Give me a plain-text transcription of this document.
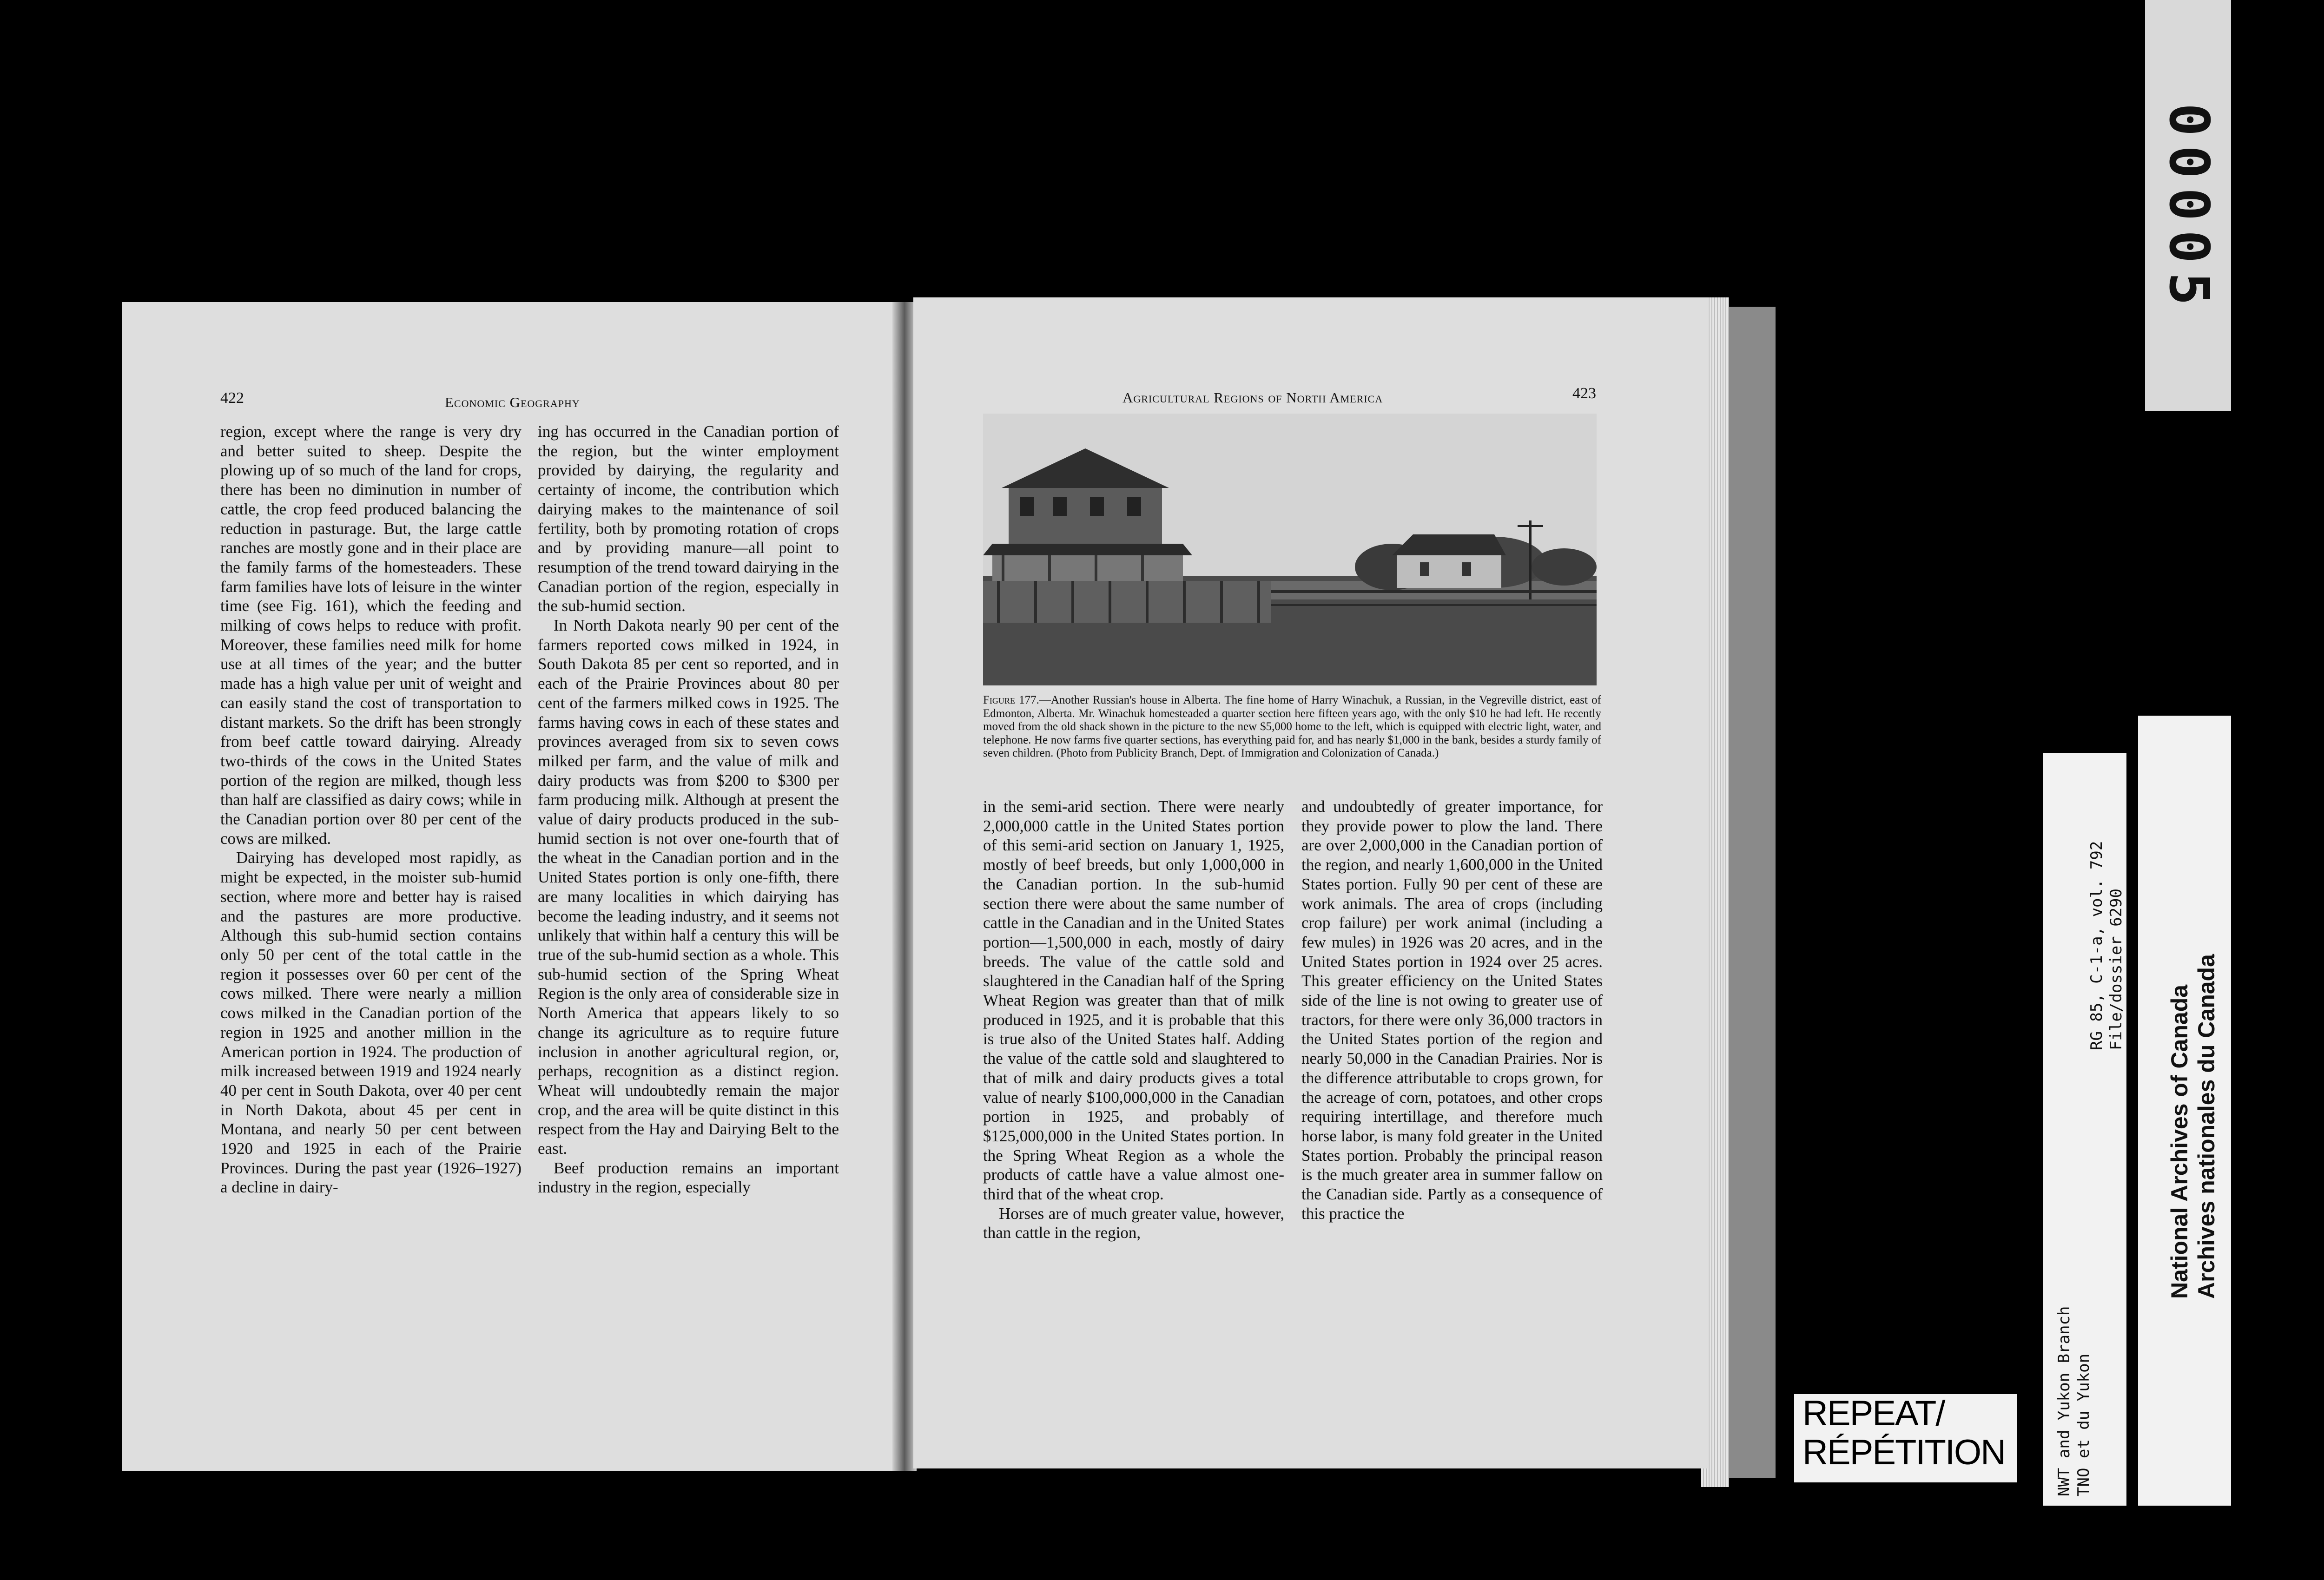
422	Economic Geography

region, except where the range is very dry and better suited to sheep. Despite the plowing up of so much of the land for crops, there has been no diminution in number of cattle, the crop feed produced balancing the reduction in pasturage. But, the large cattle ranches are mostly gone and in their place are the family farms of the homesteaders. These farm families have lots of leisure in the winter time (see Fig. 161), which the feeding and milking of cows helps to reduce with profit. Moreover, these families need milk for home use at all times of the year; and the butter made has a high value per unit of weight and can easily stand the cost of transportation to distant markets. So the drift has been strongly from beef cattle toward dairying. Already two-thirds of the cows in the United States portion of the region are milked, though less than half are classified as dairy cows; while in the Canadian portion over 80 per cent of the cows are milked.

Dairying has developed most rapidly, as might be expected, in the moister sub-humid section, where more and better hay is raised and the pastures are more productive. Although this sub-humid section contains only 50 per cent of the total cattle in the region it possesses over 60 per cent of the cows milked. There were nearly a million cows milked in the Canadian portion of the region in 1925 and another million in the American portion in 1924. The production of milk increased between 1919 and 1924 nearly 40 per cent in South Dakota, over 40 per cent in North Dakota, about 45 per cent in Montana, and nearly 50 per cent between 1920 and 1925 in each of the Prairie Provinces. During the past year (1926–1927) a decline in dairy-

ing has occurred in the Canadian portion of the region, but the winter employment provided by dairying, the regularity and certainty of income, the contribution which dairying makes to the maintenance of soil fertility, both by promoting rotation of crops and by providing manure—all point to resumption of the trend toward dairying in the Canadian portion of the region, especially in the sub-humid section.

In North Dakota nearly 90 per cent of the farmers reported cows milked in 1924, in South Dakota 85 per cent so reported, and in each of the Prairie Provinces about 80 per cent of the farmers milked cows in 1925. The farms having cows in each of these states and provinces averaged from six to seven cows milked per farm, and the value of milk and dairy products was from $200 to $300 per farm producing milk. Although at present the value of dairy products produced in the sub-humid section is not over one-fourth that of the wheat in the Canadian portion and in the United States portion is only one-fifth, there are many localities in which dairying has become the leading industry, and it seems not unlikely that within half a century this will be true of the sub-humid section as a whole. This sub-humid section of the Spring Wheat Region is the only area of considerable size in North America that appears likely to so change its agriculture as to require future inclusion in another agricultural region, or, perhaps, recognition as a distinct region. Wheat will undoubtedly remain the major crop, and the area will be quite distinct in this respect from the Hay and Dairying Belt to the east.

Beef production remains an important industry in the region, especially

Agricultural Regions of North America	423
Figure 177.—Another Russian's house in Alberta. The fine home of Harry Winachuk, a Russian, in the Vegreville district, east of Edmonton, Alberta. Mr. Winachuk homesteaded a quarter section here fifteen years ago, with the only $10 he had left. He recently moved from the old shack shown in the picture to the new $5,000 home to the left, which is equipped with electric light, water, and telephone. He now farms five quarter sections, has everything paid for, and has nearly $1,000 in the bank, besides a sturdy family of seven children. (Photo from Publicity Branch, Dept. of Immigration and Colonization of Canada.)

in the semi-arid section. There were nearly 2,000,000 cattle in the United States portion of this semi-arid section on January 1, 1925, mostly of beef breeds, but only 1,000,000 in the Canadian portion. In the sub-humid section there were about the same number of cattle in the Canadian and in the United States portion—1,500,000 in each, mostly of dairy breeds. The value of the cattle sold and slaughtered in the Canadian half of the Spring Wheat Region was greater than that of milk produced in 1925, and it is probable that this is true also of the United States half. Adding the value of the cattle sold and slaughtered to that of milk and dairy products gives a total value of nearly $100,000,000 in the Canadian portion in 1925, and probably of $125,000,000 in the United States portion. In the Spring Wheat Region as a whole the products of cattle have a value almost one-third that of the wheat crop.

Horses are of much greater value, however, than cattle in the region,

and undoubtedly of greater importance, for they provide power to plow the land. There are over 2,000,000 in the Canadian portion of the region, and nearly 1,600,000 in the United States portion. Fully 90 per cent of these are work animals. The area of crops (including crop failure) per work animal (including a few mules) in 1926 was 20 acres, and in the United States portion in 1924 over 25 acres. This greater efficiency on the United States side of the line is not owing to greater use of tractors, for there were only 36,000 tractors in the United States portion of the region and nearly 50,000 in the Canadian Prairies. Nor is the difference attributable to crops grown, for the acreage of corn, potatoes, and other crops requiring intertillage, and therefore much horse labor, is many fold greater in the United States portion. Probably the principal reason is the much greater area in summer fallow on the Canadian side. Partly as a consequence of this practice the

00005
NWT and Yukon Branch TNO et du Yukon
RG 85, C-1-a, vol. 792 File/dossier 6290
National Archives of Canada Archives nationales du Canada
REPEAT/
RÉPÉTITION
